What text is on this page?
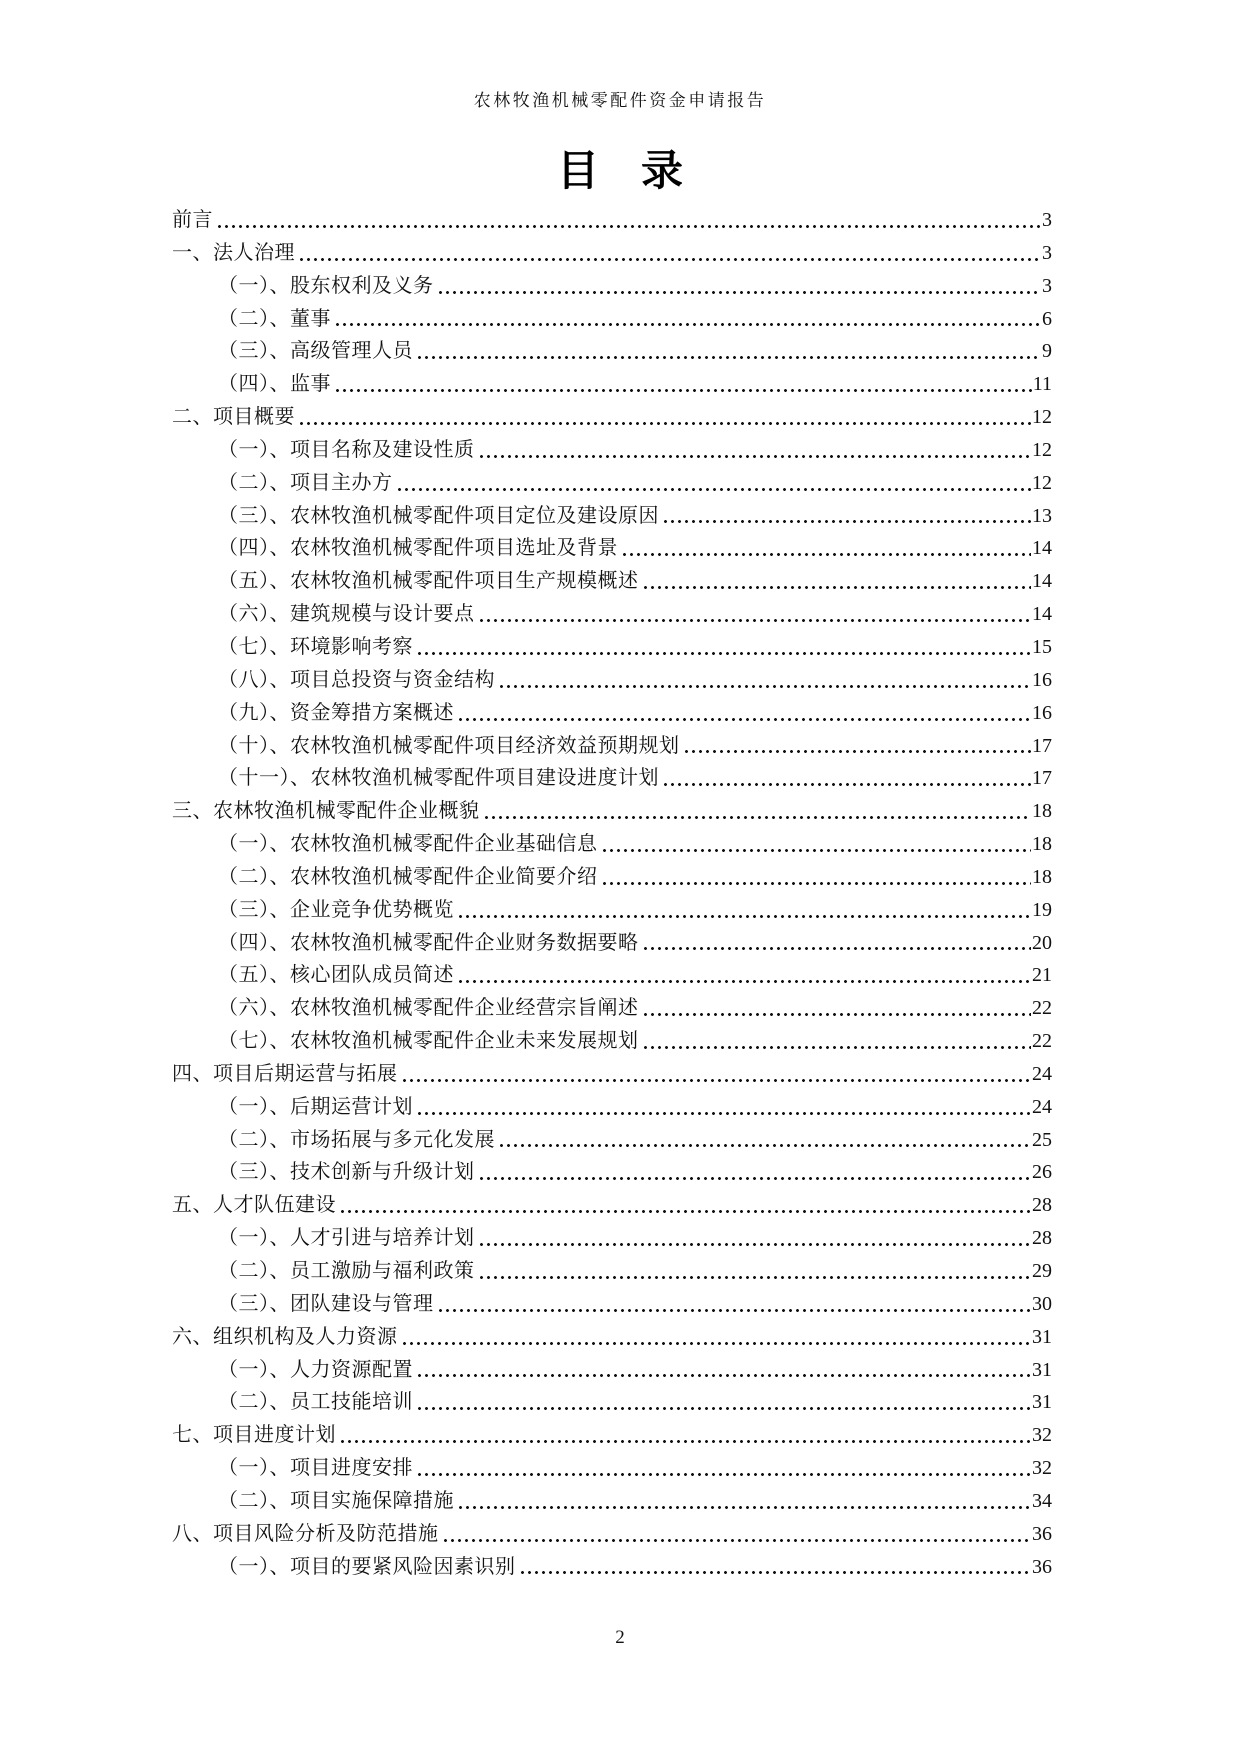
农林牧渔机械零配件资金申请报告
目　录
前言	3
一、法人治理	3
（一）、股东权利及义务	3
（二）、董事	6
（三）、高级管理人员	9
（四）、监事	11
二、项目概要	12
（一）、项目名称及建设性质	12
（二）、项目主办方	12
（三）、农林牧渔机械零配件项目定位及建设原因	13
（四）、农林牧渔机械零配件项目选址及背景	14
（五）、农林牧渔机械零配件项目生产规模概述	14
（六）、建筑规模与设计要点	14
（七）、环境影响考察	15
（八）、项目总投资与资金结构	16
（九）、资金筹措方案概述	16
（十）、农林牧渔机械零配件项目经济效益预期规划	17
（十一）、农林牧渔机械零配件项目建设进度计划	17
三、农林牧渔机械零配件企业概貌	18
（一）、农林牧渔机械零配件企业基础信息	18
（二）、农林牧渔机械零配件企业简要介绍	18
（三）、企业竞争优势概览	19
（四）、农林牧渔机械零配件企业财务数据要略	20
（五）、核心团队成员简述	21
（六）、农林牧渔机械零配件企业经营宗旨阐述	22
（七）、农林牧渔机械零配件企业未来发展规划	22
四、项目后期运营与拓展	24
（一）、后期运营计划	24
（二）、市场拓展与多元化发展	25
（三）、技术创新与升级计划	26
五、人才队伍建设	28
（一）、人才引进与培养计划	28
（二）、员工激励与福利政策	29
（三）、团队建设与管理	30
六、组织机构及人力资源	31
（一）、人力资源配置	31
（二）、员工技能培训	31
七、项目进度计划	32
（一）、项目进度安排	32
（二）、项目实施保障措施	34
八、项目风险分析及防范措施	36
（一）、项目的要紧风险因素识别	36
2
